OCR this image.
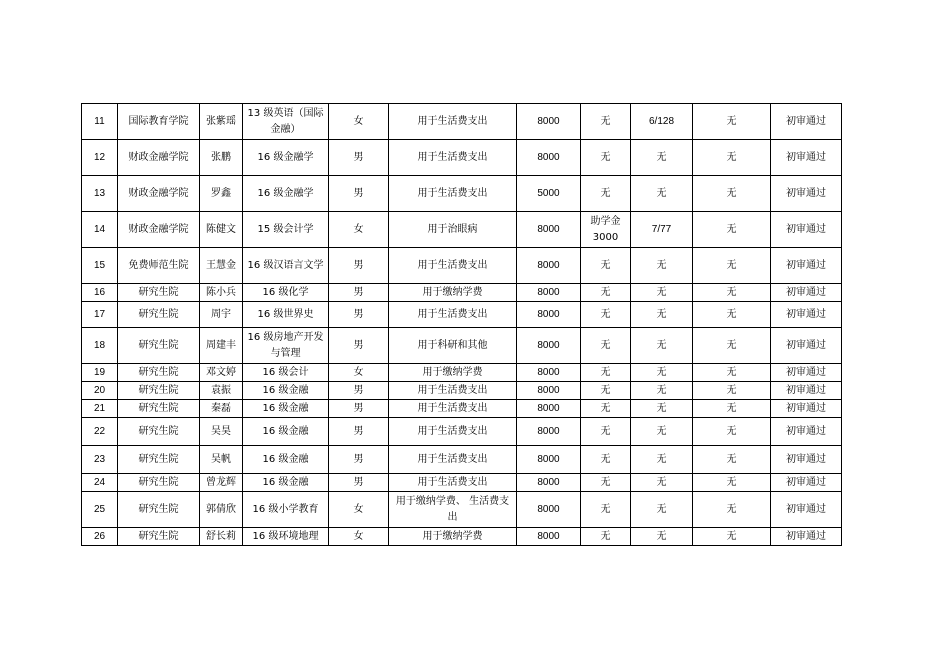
11	国际教育学院	张紫瑶	13 级英语（国际金融）	女	用于生活费支出	8000	无	6/128	无	初审通过
12	财政金融学院	张鹏	16 级金融学	男	用于生活费支出	8000	无	无	无	初审通过
13	财政金融学院	罗鑫	16 级金融学	男	用于生活费支出	5000	无	无	无	初审通过
14	财政金融学院	陈健文	15 级会计学	女	用于治眼病	8000	助学金3000	7/77	无	初审通过
15	免费师范生院	王慧金	16 级汉语言文学	男	用于生活费支出	8000	无	无	无	初审通过
16	研究生院	陈小兵	16 级化学	男	用于缴纳学费	8000	无	无	无	初审通过
17	研究生院	周宇	16 级世界史	男	用于生活费支出	8000	无	无	无	初审通过
18	研究生院	周建丰	16 级房地产开发与管理	男	用于科研和其他	8000	无	无	无	初审通过
19	研究生院	邓文婷	16 级会计	女	用于缴纳学费	8000	无	无	无	初审通过
20	研究生院	袁振	16 级金融	男	用于生活费支出	8000	无	无	无	初审通过
21	研究生院	秦磊	16 级金融	男	用于生活费支出	8000	无	无	无	初审通过
22	研究生院	吴昊	16 级金融	男	用于生活费支出	8000	无	无	无	初审通过
23	研究生院	吴帆	16 级金融	男	用于生活费支出	8000	无	无	无	初审通过
24	研究生院	曾龙辉	16 级金融	男	用于生活费支出	8000	无	无	无	初审通过
25	研究生院	郭倩欣	16 级小学教育	女	用于缴纳学费、 生活费支出	8000	无	无	无	初审通过
26	研究生院	舒长莉	16 级环境地理	女	用于缴纳学费	8000	无	无	无	初审通过
